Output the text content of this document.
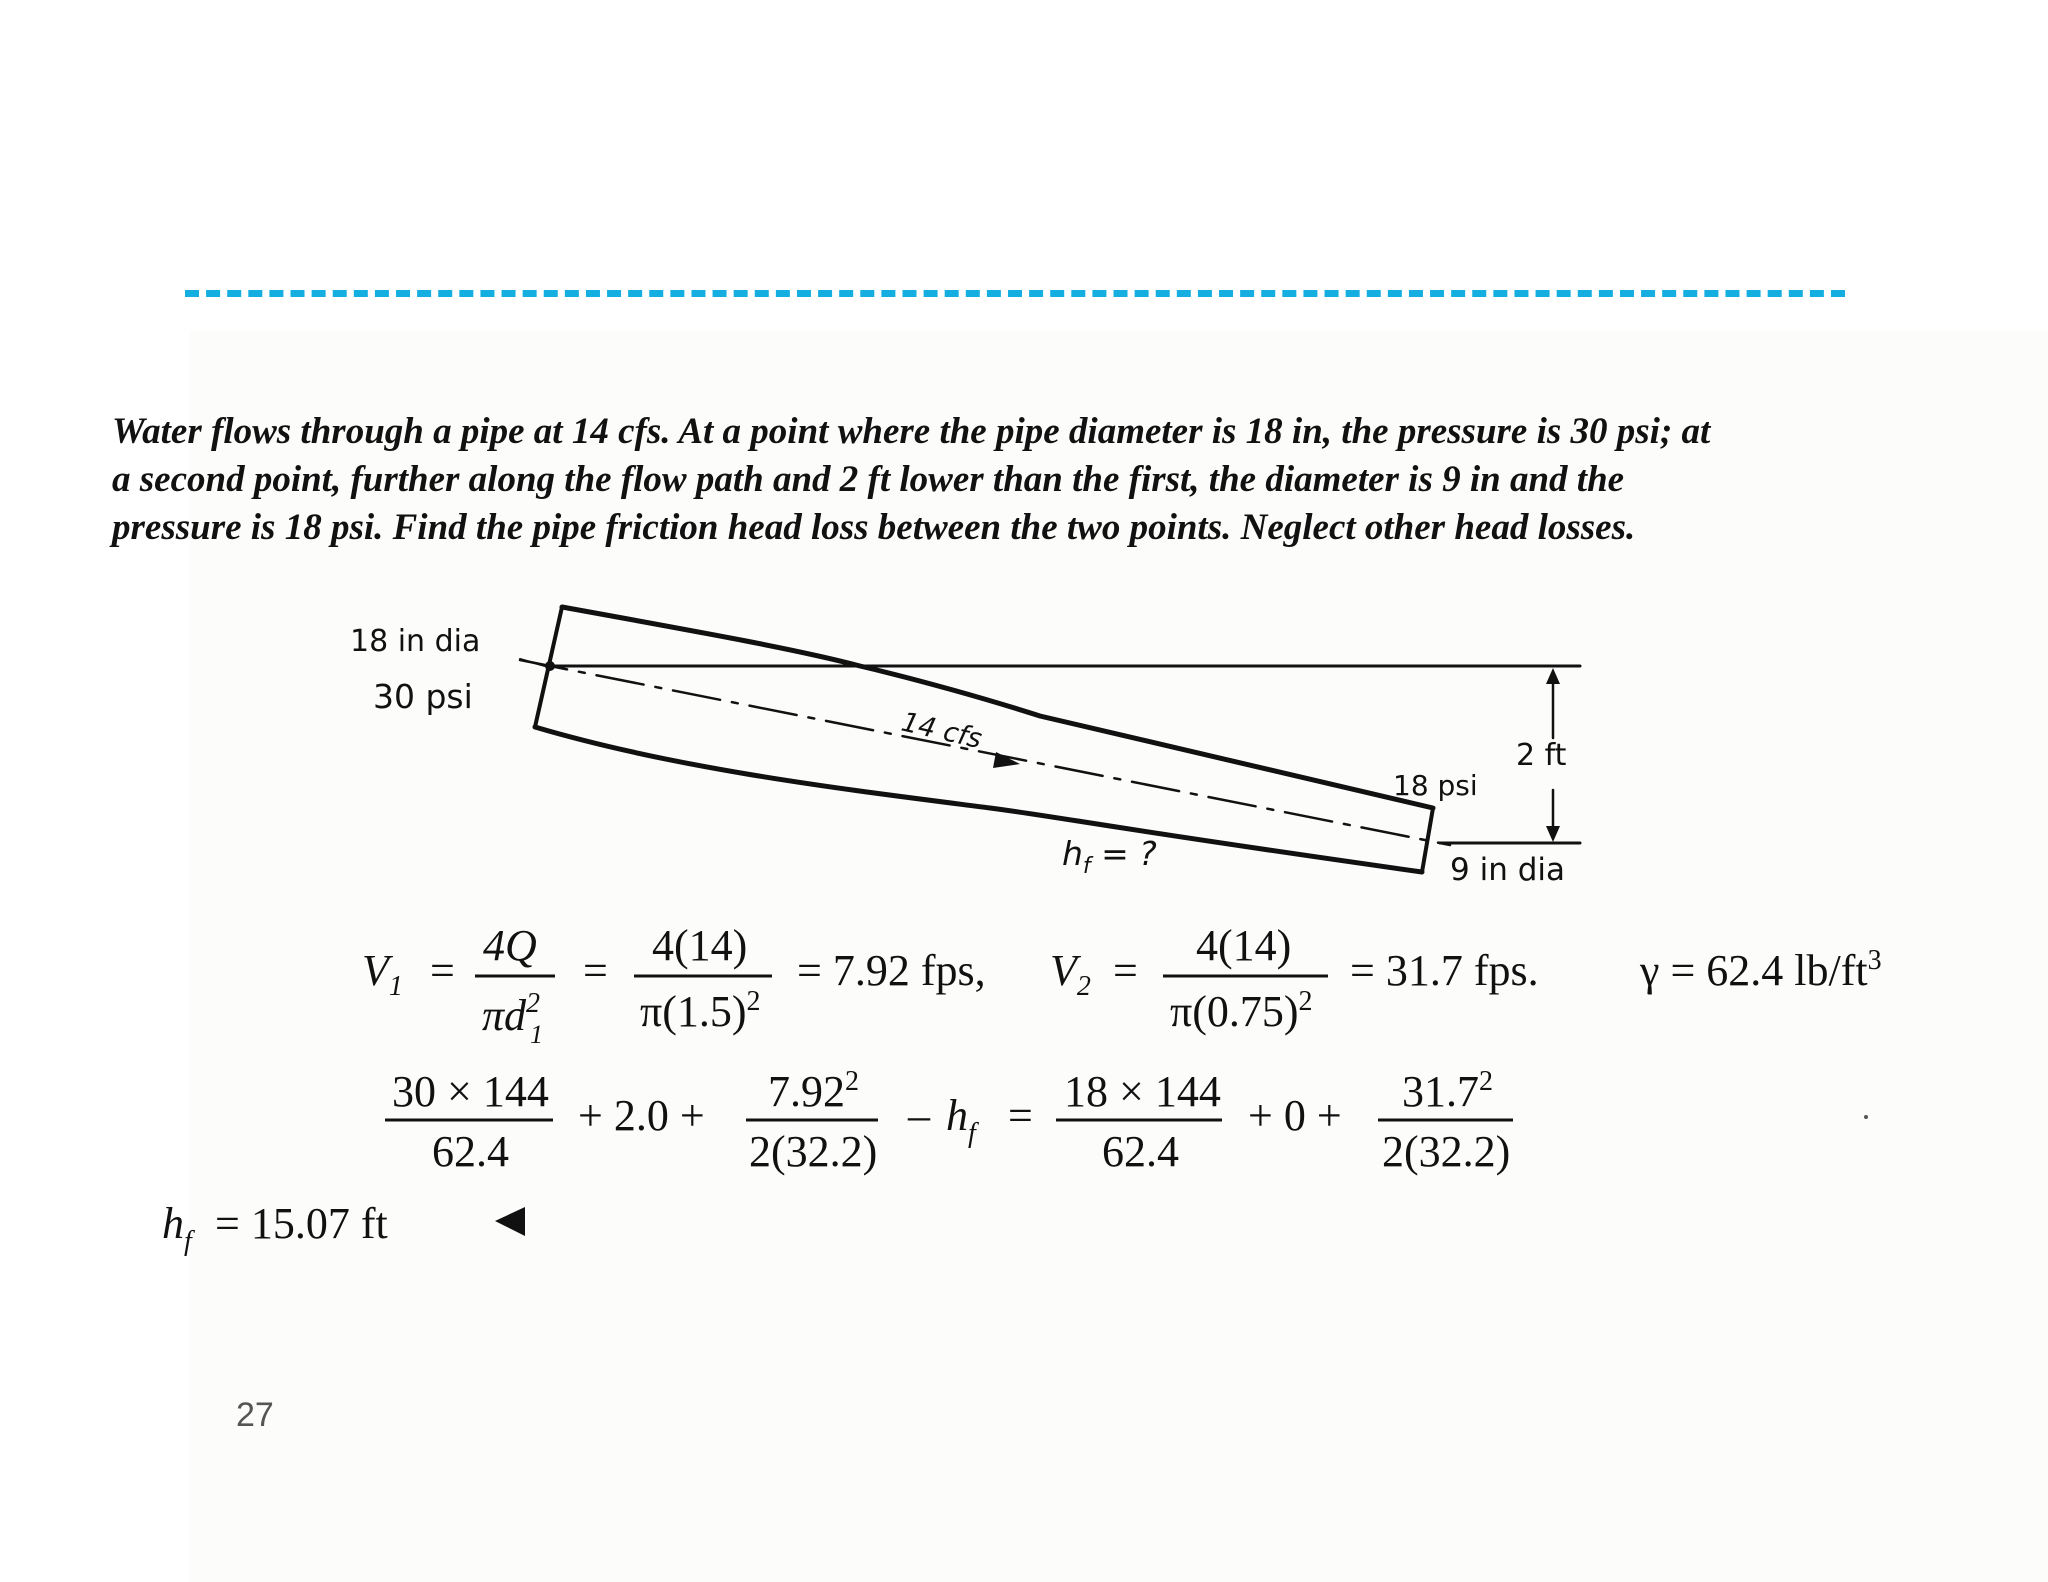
Water flows through a pipe at 14 cfs. At a point where the pipe diameter is 18 in, the pressure is 30 psi; at
a second point, further along the flow path and 2 ft lower than the first, the diameter is 9 in and the
pressure is 18 psi. Find the pipe friction head loss between the two points. Neglect other head losses.
18 in dia
30 psi
14 cfs
$h_f$ = ?
18 psi
2 ft
9 in dia
$V_1$ =
4Q
$\pi d^2$
1
=
4(14)
$\pi(1.5)^2$
= 7.92 fps, $V_2$ =
4(14)
$\pi(0.75)^2$
= 31.7 fps. γ = 62.4 $lb/ft^3$
30 × 144
62.4
+ $2.0 + 7.92^2$
2(32.2)
– $h_f = 18 \times 144$
62.4
+ $0 + 31.7^2$
2(32.2)
$h_f = 15.07$ ft
27
